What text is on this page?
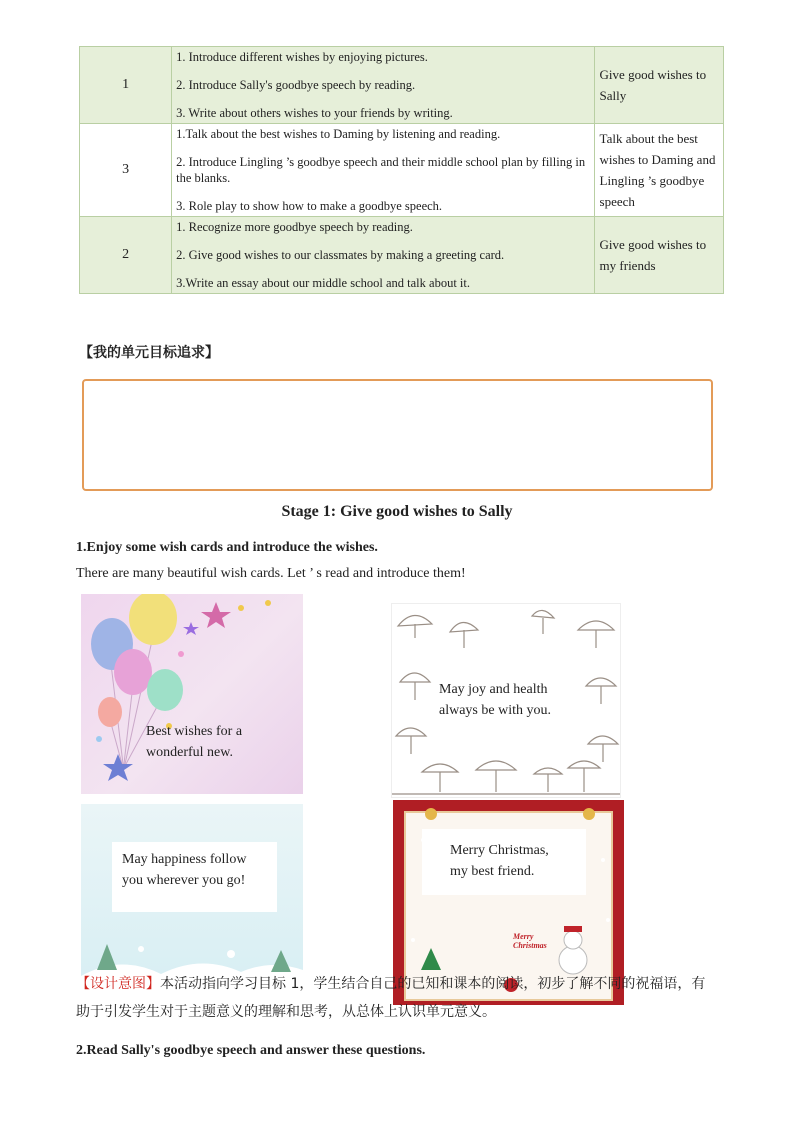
1	1. Introduce different wishes by enjoying pictures.

2. Introduce Sally's goodbye speech by reading.

3. Write about others wishes to your friends by writing.	Give good wishes to Sally
3	1.Talk about the best wishes to Daming by listening and reading.

2. Introduce Lingling ’s goodbye speech and their middle school plan by filling in the blanks.

3. Role play to show how to make a goodbye speech.	Talk about the best wishes to Daming and Lingling ’s goodbye speech
2	1. Recognize more goodbye speech by reading.

2. Give good wishes to our classmates by making a greeting card.

3.Write an essay about our middle school and talk about it.	Give good wishes to my friends
【我的单元目标追求】
Stage 1: Give good wishes to Sally
1.Enjoy some wish cards and introduce the wishes.
There are many beautiful wish cards. Let ’ s read and introduce them!
Best wishes for a
wonderful new.
May joy and health
always be with you.
May happiness follow
you wherever you go!
Merry Christmas
Merry Christmas,
my best friend.
【设计意图】本活动指向学习目标 1，学生结合自己的已知和课本的阅读，初步了解不同的祝福语，有助于引发学生对于主题意义的理解和思考，从总体上认识单元意义。
2.Read Sally's goodbye speech and answer these questions.
